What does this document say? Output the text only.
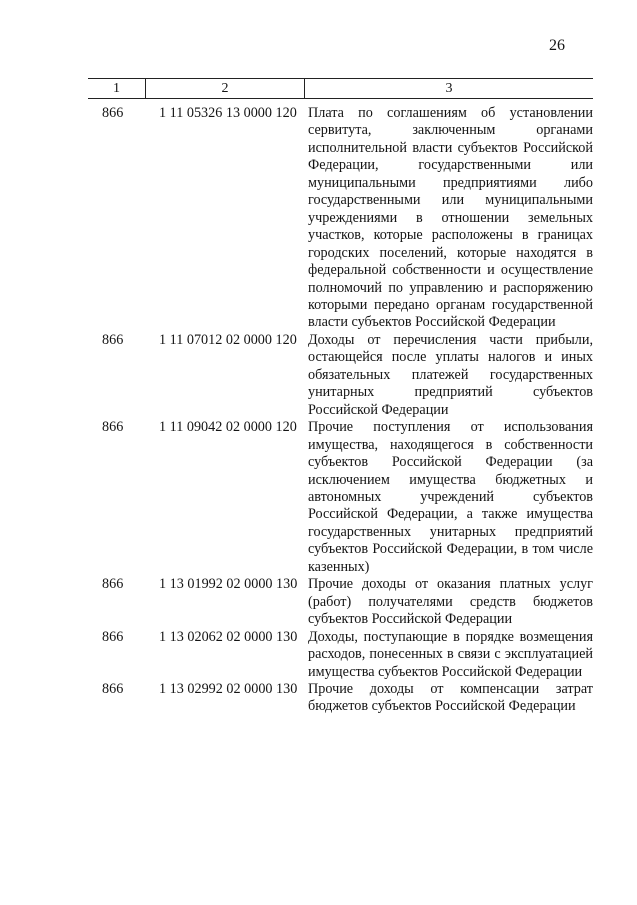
26
1	2	3
866	1 11 05326 13 0000 120 Плата по соглашениям об установлении сервитута, заключенным органами исполнительной власти субъектов Российской Федерации, государственными или муниципальными предприятиями либо государственными или муниципальными учреждениями в отношении земельных участков, которые расположены в границах городских поселений, которые находятся в федеральной собственности и осуществление полномочий по управлению и распоряжению которыми передано органам государственной власти субъектов Российской Федерации
866	1 11 07012 02 0000 120 Доходы от перечисления части прибыли, остающейся после уплаты налогов и иных обязательных платежей государственных унитарных предприятий субъектов Российской Федерации
866	1 11 09042 02 0000 120 Прочие поступления от использования имущества, находящегося в собственности субъектов Российской Федерации (за исключением имущества бюджетных и автономных учреждений субъектов Российской Федерации, а также имущества государственных унитарных предприятий субъектов Российской Федерации, в том числе казенных)
866	1 13 01992 02 0000 130 Прочие доходы от оказания платных услуг (работ) получателями средств бюджетов субъектов Российской Федерации
866	1 13 02062 02 0000 130 Доходы, поступающие в порядке возмещения расходов, понесенных в связи с эксплуатацией имущества субъектов Российской Федерации
866	1 13 02992 02 0000 130 Прочие доходы от компенсации затрат бюджетов субъектов Российской Федерации
